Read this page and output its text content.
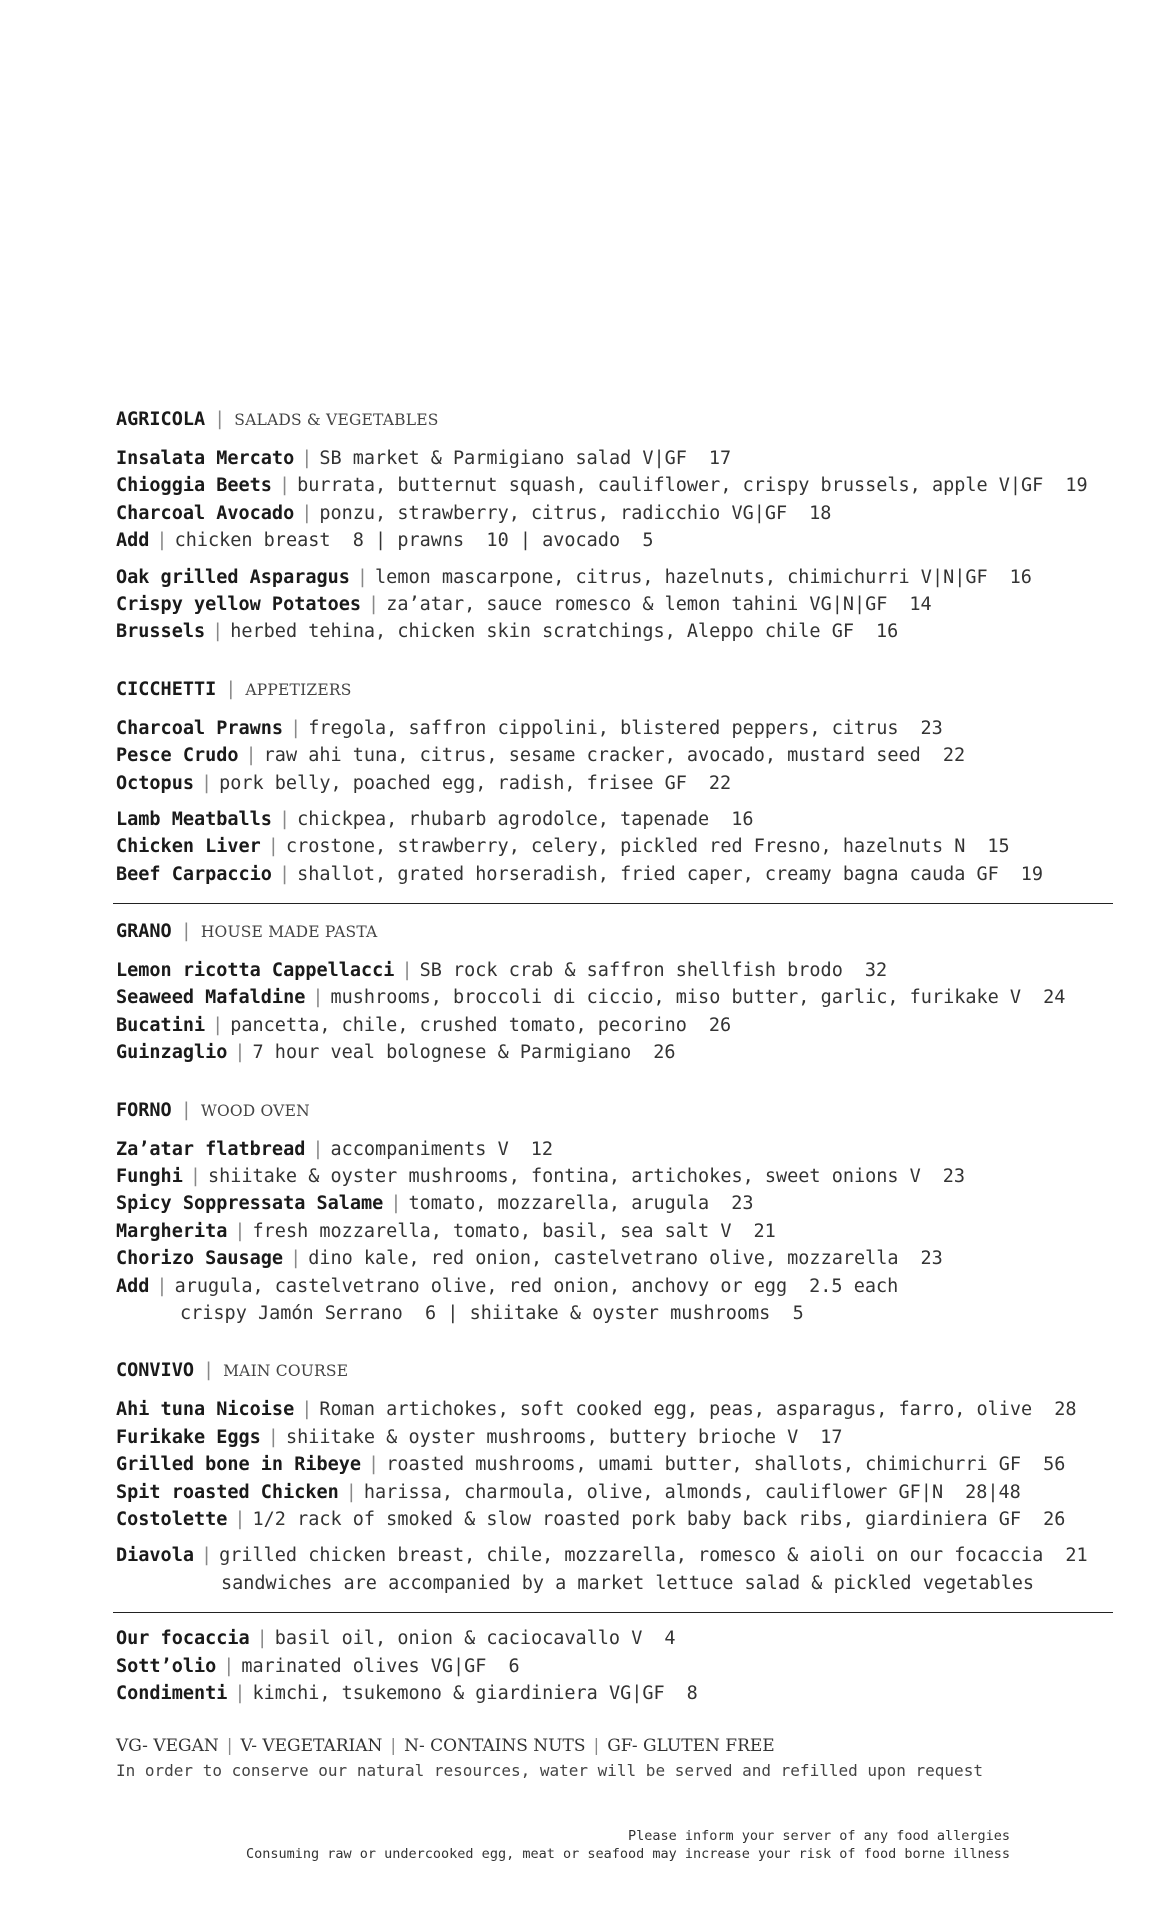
AGRICOLA | SALADS & VEGETABLES
Insalata Mercato | SB market & Parmigiano salad V|GF 17
Chioggia Beets | burrata, butternut squash, cauliflower, crispy brussels, apple V|GF 19
Charcoal Avocado | ponzu, strawberry, citrus, radicchio VG|GF 18
Add | chicken breast  8 | prawns  10 | avocado  5
Oak grilled Asparagus | lemon mascarpone, citrus, hazelnuts, chimichurri V|N|GF 16
Crispy yellow Potatoes | za’atar, sauce romesco & lemon tahini VG|N|GF 14
Brussels | herbed tehina, chicken skin scratchings, Aleppo chile GF 16
CICCHETTI | APPETIZERS
Charcoal Prawns | fregola, saffron cippolini, blistered peppers, citrus 23
Pesce Crudo | raw ahi tuna, citrus, sesame cracker, avocado, mustard seed 22
Octopus | pork belly, poached egg, radish, frisee GF 22
Lamb Meatballs | chickpea, rhubarb agrodolce, tapenade 16
Chicken Liver | crostone, strawberry, celery, pickled red Fresno, hazelnuts N 15
Beef Carpaccio | shallot, grated horseradish, fried caper, creamy bagna cauda GF 19
GRANO | HOUSE MADE PASTA
Lemon ricotta Cappellacci | SB rock crab & saffron shellfish brodo 32
Seaweed Mafaldine | mushrooms, broccoli di ciccio, miso butter, garlic, furikake V 24
Bucatini | pancetta, chile, crushed tomato, pecorino 26
Guinzaglio | 7 hour veal bolognese & Parmigiano 26
FORNO | WOOD OVEN
Za’atar flatbread | accompaniments V 12
Funghi | shiitake & oyster mushrooms, fontina, artichokes, sweet onions V 23
Spicy Soppressata Salame | tomato, mozzarella, arugula 23
Margherita | fresh mozzarella, tomato, basil, sea salt V 21
Chorizo Sausage | dino kale, red onion, castelvetrano olive, mozzarella 23
Add | arugula, castelvetrano olive, red onion, anchovy or egg 2.5 each
crispy Jamón Serrano  6 | shiitake & oyster mushrooms  5
CONVIVO | MAIN COURSE
Ahi tuna Nicoise | Roman artichokes, soft cooked egg, peas, asparagus, farro, olive 28
Furikake Eggs | shiitake & oyster mushrooms, buttery brioche V 17
Grilled bone in Ribeye | roasted mushrooms, umami butter, shallots, chimichurri GF 56
Spit roasted Chicken | harissa, charmoula, olive, almonds, cauliflower GF|N 28|48
Costolette | 1/2 rack of smoked & slow roasted pork baby back ribs, giardiniera GF 26
Diavola | grilled chicken breast, chile, mozzarella, romesco & aioli on our focaccia 21
sandwiches are accompanied by a market lettuce salad & pickled vegetables
Our focaccia | basil oil, onion & caciocavallo V 4
Sott’olio | marinated olives VG|GF 6
Condimenti | kimchi, tsukemono & giardiniera VG|GF 8
VG- VEGAN | V- VEGETARIAN | N- CONTAINS NUTS | GF- GLUTEN FREE
In order to conserve our natural resources, water will be served and refilled upon request
Please inform your server of any food allergies
Consuming raw or undercooked egg, meat or seafood may increase your risk of food borne illness
